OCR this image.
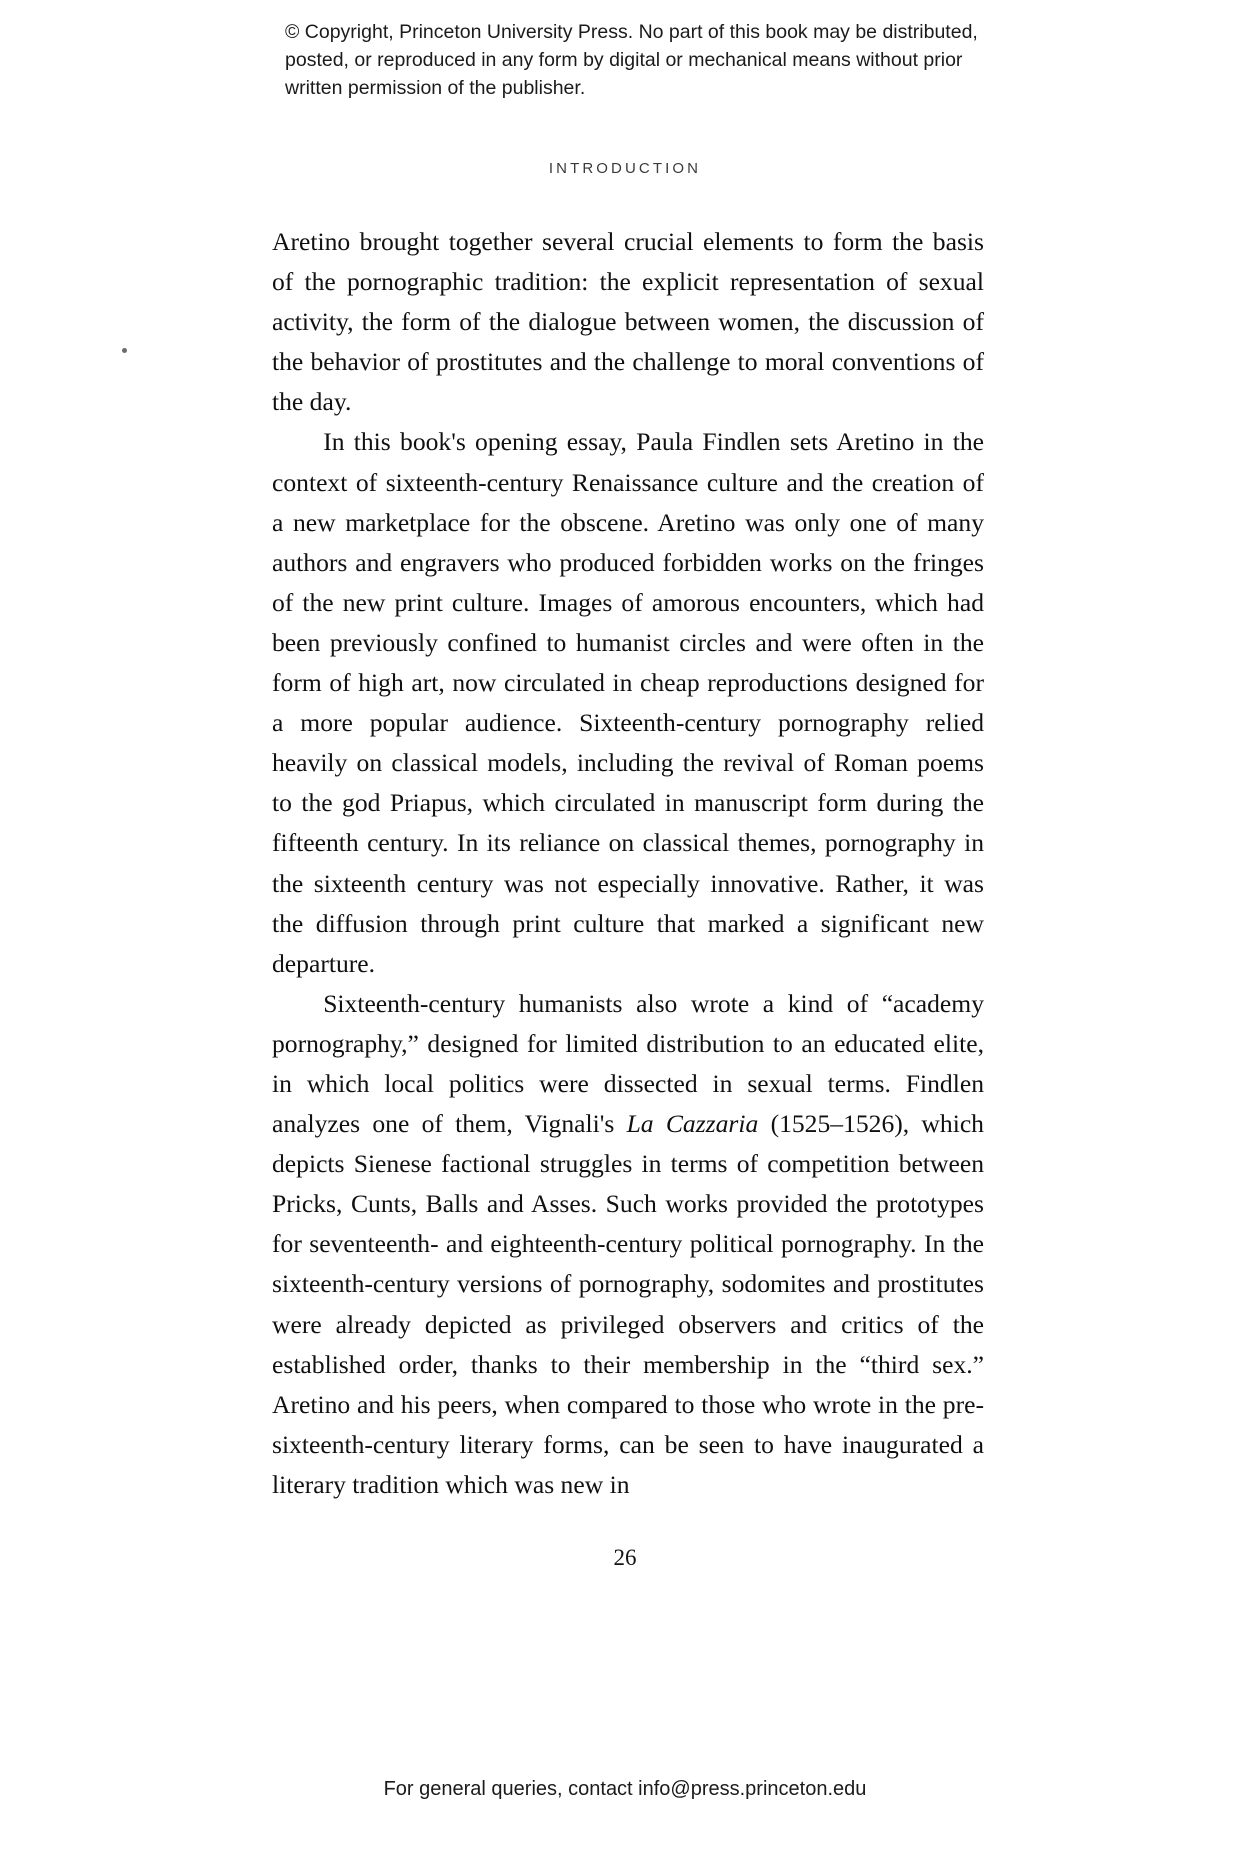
© Copyright, Princeton University Press. No part of this book may be distributed, posted, or reproduced in any form by digital or mechanical means without prior written permission of the publisher.
INTRODUCTION

Aretino brought together several crucial elements to form the basis of the pornographic tradition: the explicit representation of sexual activity, the form of the dialogue between women, the discussion of the behavior of prostitutes and the challenge to moral conventions of the day.

In this book's opening essay, Paula Findlen sets Aretino in the context of sixteenth-century Renaissance culture and the creation of a new marketplace for the obscene. Aretino was only one of many authors and engravers who produced forbidden works on the fringes of the new print culture. Images of amorous encounters, which had been previously confined to humanist circles and were often in the form of high art, now circulated in cheap reproductions designed for a more popular audience. Sixteenth-century pornography relied heavily on classical models, including the revival of Roman poems to the god Priapus, which circulated in manuscript form during the fifteenth century. In its reliance on classical themes, pornography in the sixteenth century was not especially innovative. Rather, it was the diffusion through print culture that marked a significant new departure.

Sixteenth-century humanists also wrote a kind of “academy pornography,” designed for limited distribution to an educated elite, in which local politics were dissected in sexual terms. Findlen analyzes one of them, Vignali's La Cazzaria (1525–1526), which depicts Sienese factional struggles in terms of competition between Pricks, Cunts, Balls and Asses. Such works provided the prototypes for seventeenth- and eighteenth-century political pornography. In the sixteenth-century versions of pornography, sodomites and prostitutes were already depicted as privileged observers and critics of the established order, thanks to their membership in the “third sex.” Aretino and his peers, when compared to those who wrote in the pre-sixteenth-century literary forms, can be seen to have inaugurated a literary tradition which was new in

26
For general queries, contact info@press.princeton.edu
